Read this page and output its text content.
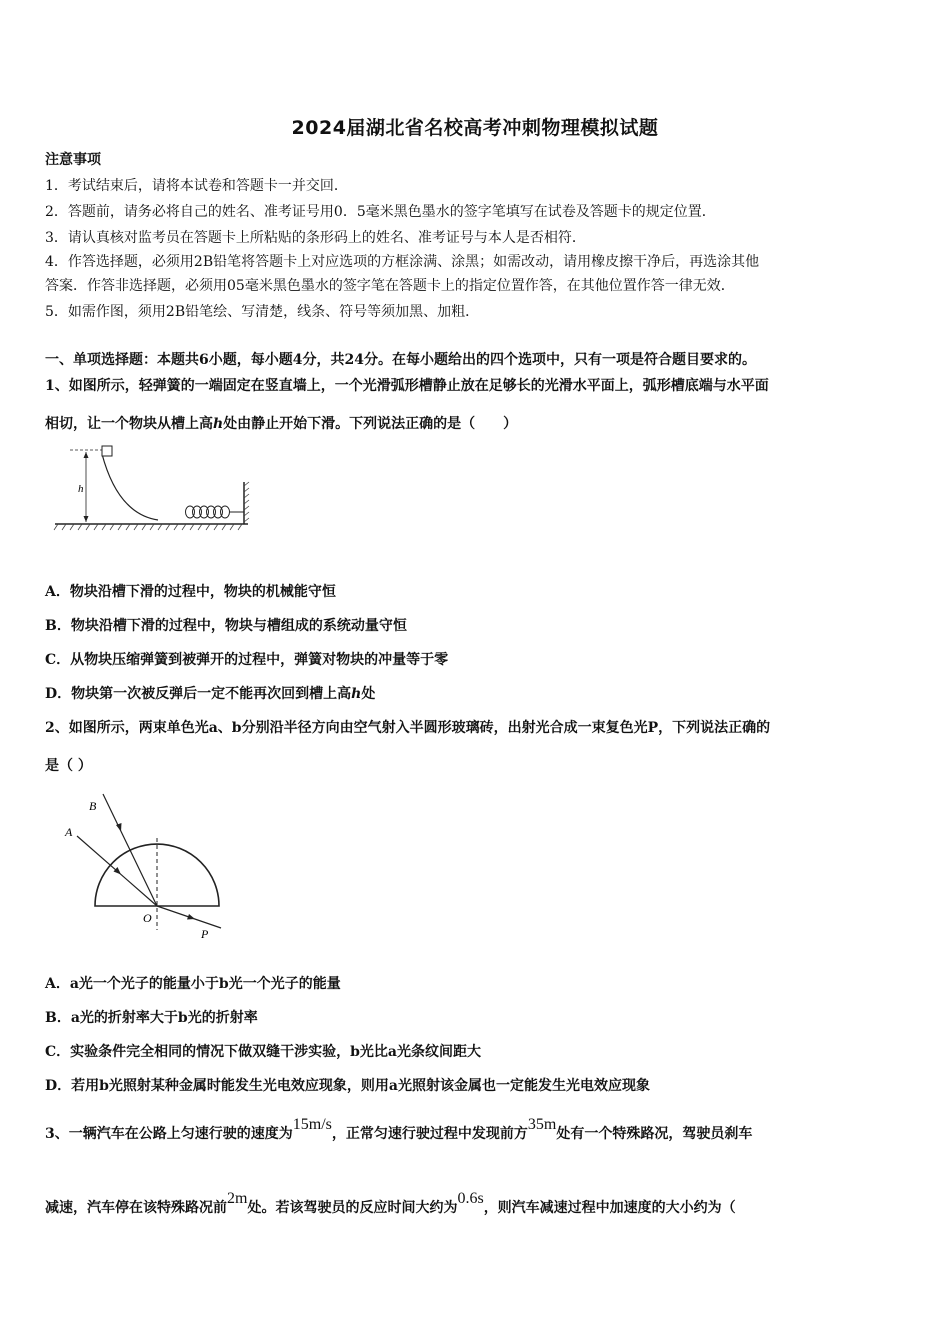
2024届湖北省名校高考冲刺物理模拟试题
注意事项
1．考试结束后，请将本试卷和答题卡一并交回．
2．答题前，请务必将自己的姓名、准考证号用0．5毫米黑色墨水的签字笔填写在试卷及答题卡的规定位置．
3．请认真核对监考员在答题卡上所粘贴的条形码上的姓名、准考证号与本人是否相符．
4．作答选择题，必须用2B铅笔将答题卡上对应选项的方框涂满、涂黑；如需改动，请用橡皮擦干净后，再选涂其他
答案．作答非选择题，必须用05毫米黑色墨水的签字笔在答题卡上的指定位置作答，在其他位置作答一律无效．
5．如需作图，须用2B铅笔绘、写清楚，线条、符号等须加黑、加粗．
一、单项选择题：本题共6小题，每小题4分，共24分。在每小题给出的四个选项中，只有一项是符合题目要求的。
1、如图所示，轻弹簧的一端固定在竖直墙上，一个光滑弧形槽静止放在足够长的光滑水平面上，弧形槽底端与水平面
相切，让一个物块从槽上高h处由静止开始下滑。下列说法正确的是（　　）
h
A．物块沿槽下滑的过程中，物块的机械能守恒
B．物块沿槽下滑的过程中，物块与槽组成的系统动量守恒
C．从物块压缩弹簧到被弹开的过程中，弹簧对物块的冲量等于零
D．物块第一次被反弹后一定不能再次回到槽上高h处
2、如图所示，两束单色光a、b分别沿半径方向由空气射入半圆形玻璃砖，出射光合成一束复色光P，下列说法正确的
是（ ）
A
B
O
P
A．a光一个光子的能量小于b光一个光子的能量
B．a光的折射率大于b光的折射率
C．实验条件完全相同的情况下做双缝干涉实验，b光比a光条纹间距大
D．若用b光照射某种金属时能发生光电效应现象，则用a光照射该金属也一定能发生光电效应现象
3、一辆汽车在公路上匀速行驶的速度为15m/s，正常匀速行驶过程中发现前方35m处有一个特殊路况，驾驶员刹车
减速，汽车停在该特殊路况前2m处。若该驾驶员的反应时间大约为0.6s，则汽车减速过程中加速度的大小约为（
